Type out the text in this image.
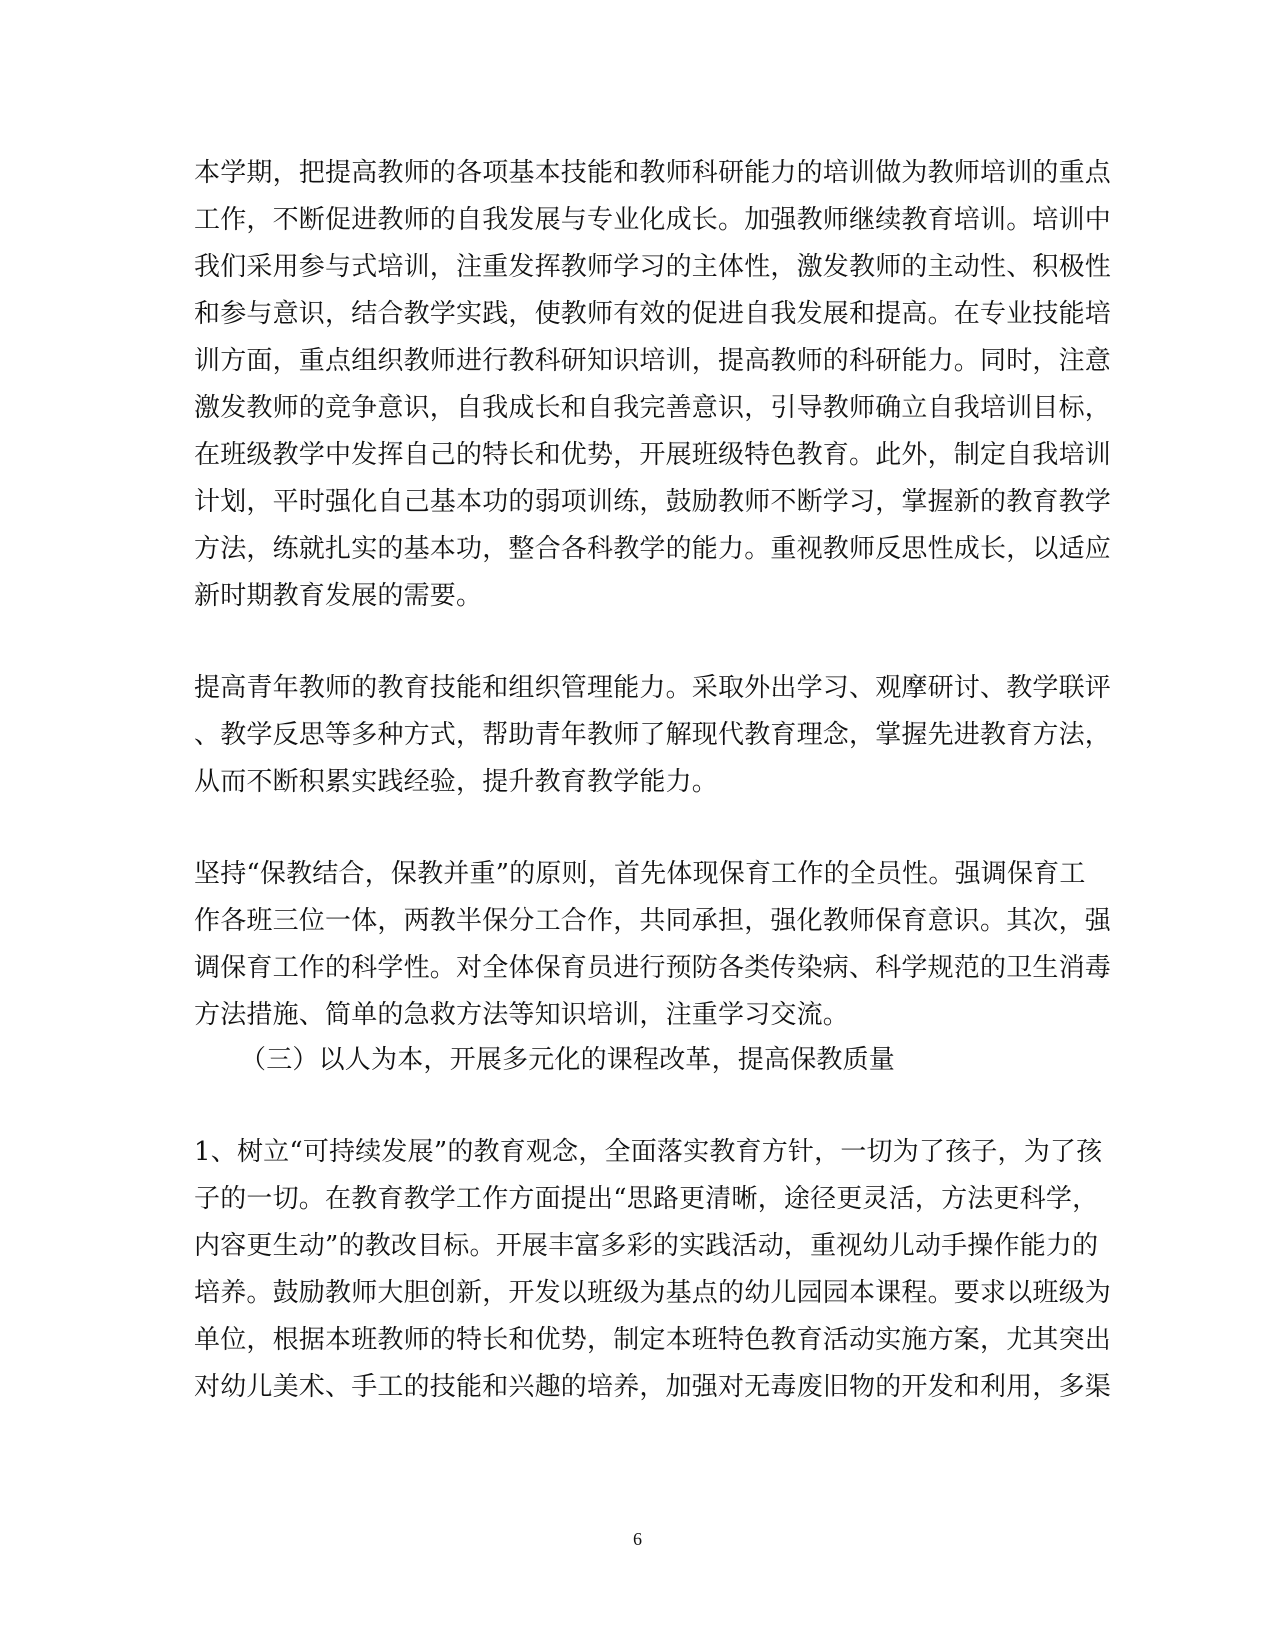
本学期，把提高教师的各项基本技能和教师科研能力的培训做为教师培训的重点
工作，不断促进教师的自我发展与专业化成长。加强教师继续教育培训。培训中
我们采用参与式培训，注重发挥教师学习的主体性，激发教师的主动性、积极性
和参与意识，结合教学实践，使教师有效的促进自我发展和提高。在专业技能培
训方面，重点组织教师进行教科研知识培训，提高教师的科研能力。同时，注意
激发教师的竞争意识，自我成长和自我完善意识，引导教师确立自我培训目标，
在班级教学中发挥自己的特长和优势，开展班级特色教育。此外，制定自我培训
计划，平时强化自己基本功的弱项训练，鼓励教师不断学习，掌握新的教育教学
方法，练就扎实的基本功，整合各科教学的能力。重视教师反思性成长，以适应
新时期教育发展的需要。
提高青年教师的教育技能和组织管理能力。采取外出学习、观摩研讨、教学联评
、教学反思等多种方式，帮助青年教师了解现代教育理念，掌握先进教育方法，
从而不断积累实践经验，提升教育教学能力。
坚持“保教结合，保教并重”的原则，首先体现保育工作的全员性。强调保育工
作各班三位一体，两教半保分工合作，共同承担，强化教师保育意识。其次，强
调保育工作的科学性。对全体保育员进行预防各类传染病、科学规范的卫生消毒
方法措施、简单的急救方法等知识培训，注重学习交流。
（三）以人为本，开展多元化的课程改革，提高保教质量
1、树立“可持续发展”的教育观念，全面落实教育方针，一切为了孩子，为了孩
子的一切。在教育教学工作方面提出“思路更清晰，途径更灵活，方法更科学，
内容更生动”的教改目标。开展丰富多彩的实践活动，重视幼儿动手操作能力的
培养。鼓励教师大胆创新，开发以班级为基点的幼儿园园本课程。要求以班级为
单位，根据本班教师的特长和优势，制定本班特色教育活动实施方案，尤其突出
对幼儿美术、手工的技能和兴趣的培养，加强对无毒废旧物的开发和利用，多渠
6
